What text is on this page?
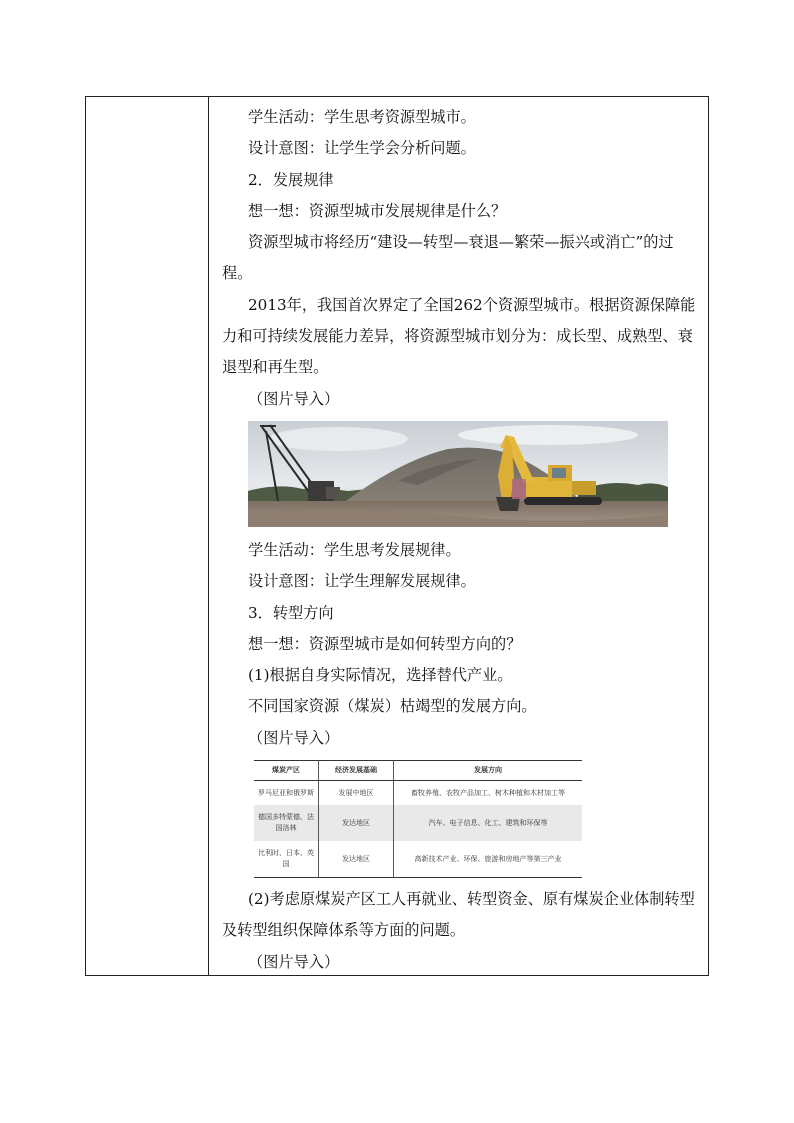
学生活动：学生思考资源型城市。
设计意图：让学生学会分析问题。
2．发展规律
想一想：资源型城市发展规律是什么？
资源型城市将经历“建设—转型—衰退—繁荣—振兴或消亡”的过程。
2013年，我国首次界定了全国262个资源型城市。根据资源保障能力和可持续发展能力差异，将资源型城市划分为：成长型、成熟型、衰退型和再生型。
（图片导入）
学生活动：学生思考发展规律。
设计意图：让学生理解发展规律。
3．转型方向
想一想：资源型城市是如何转型方向的？
(1)根据自身实际情况，选择替代产业。
不同国家资源（煤炭）枯竭型的发展方向。
（图片导入）
煤炭产区	经济发展基础	发展方向
罗马尼亚和俄罗斯	发展中地区	畜牧养殖、农牧产品加工、树木种植和木材加工等
德国多特蒙德、法国洛林	发达地区	汽车、电子信息、化工、建筑和环保等
比利时、日本、英国	发达地区	高新技术产业、环保、旅游和房地产等第三产业
(2)考虑原煤炭产区工人再就业、转型资金、原有煤炭企业体制转型及转型组织保障体系等方面的问题。
（图片导入）
